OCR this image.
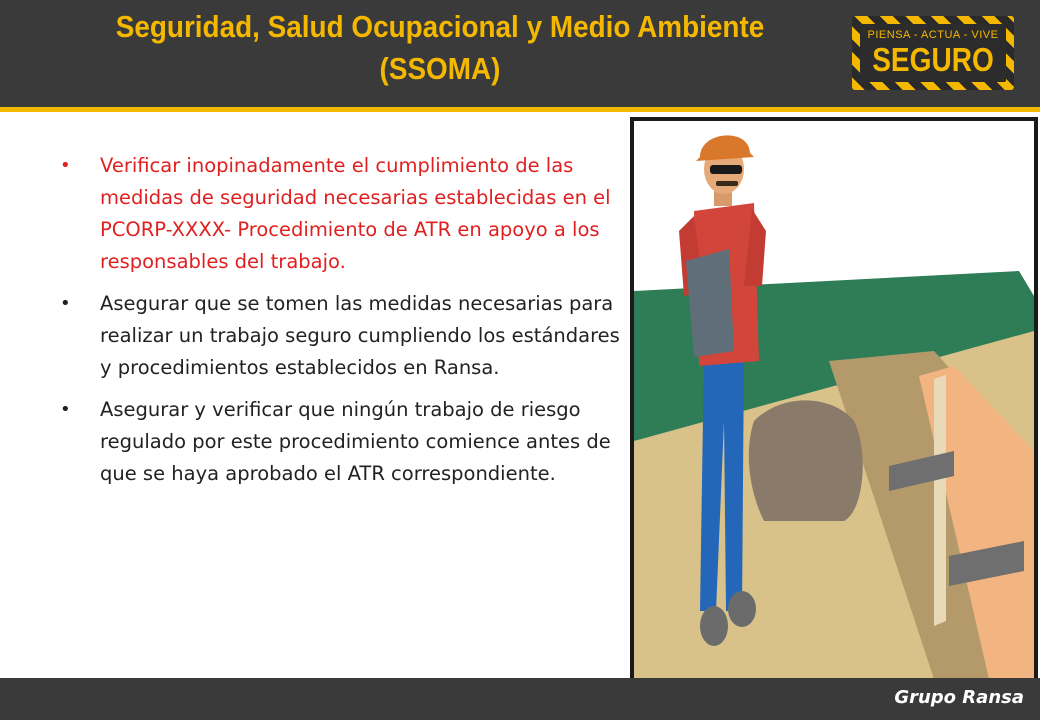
Seguridad, Salud Ocupacional y Medio Ambiente
(SSOMA)
PIENSA - ACTUA - VIVE
SEGURO
•	Verificar inopinadamente el cumplimiento de las medidas de seguridad necesarias establecidas en el PCORP-XXXX- Procedimiento de ATR en apoyo a los responsables del trabajo.
•	Asegurar que se tomen las medidas necesarias para realizar un trabajo seguro cumpliendo los estándares y procedimientos establecidos en Ransa.
•	Asegurar y verificar que ningún trabajo de riesgo regulado por este procedimiento comience antes de que se haya aprobado el ATR correspondiente.
Grupo Ransa
